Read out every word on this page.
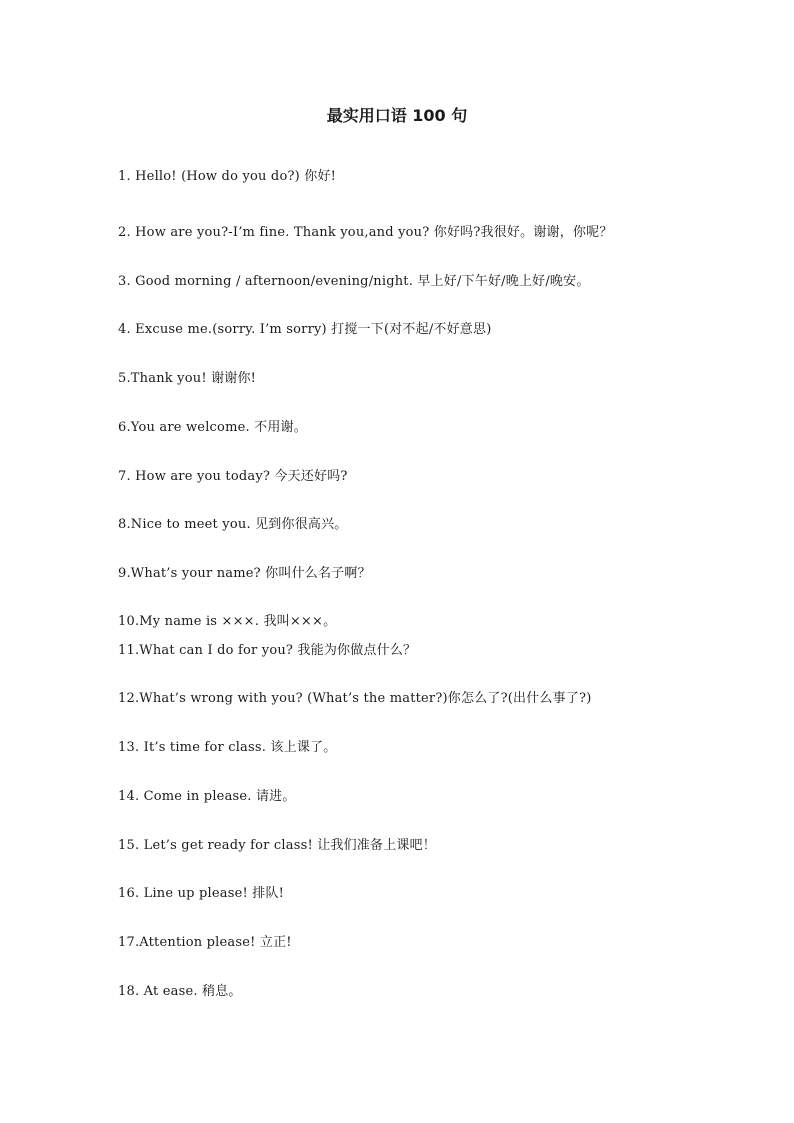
最实用口语 100 句
1. Hello! (How do you do?) 你好!
2. How are you?-I’m fine. Thank you,and you? 你好吗?我很好。谢谢，你呢？
3. Good morning / afternoon/evening/night. 早上好/下午好/晚上好/晚安。
4. Excuse me.(sorry. I’m sorry) 打搅一下(对不起/不好意思)
5.Thank you! 谢谢你!
6.You are welcome. 不用谢。
7. How are you today? 今天还好吗?
8.Nice to meet you. 见到你很高兴。
9.What’s your name? 你叫什么名子啊？
10.My name is ×××. 我叫×××。
11.What can I do for you? 我能为你做点什么？
12.What’s wrong with you? (What’s the matter?)你怎么了?(出什么事了?)
13. It’s time for class. 该上课了。
14. Come in please. 请进。
15. Let’s get ready for class! 让我们准备上课吧！
16. Line up please! 排队!
17.Attention please! 立正!
18. At ease. 稍息。
